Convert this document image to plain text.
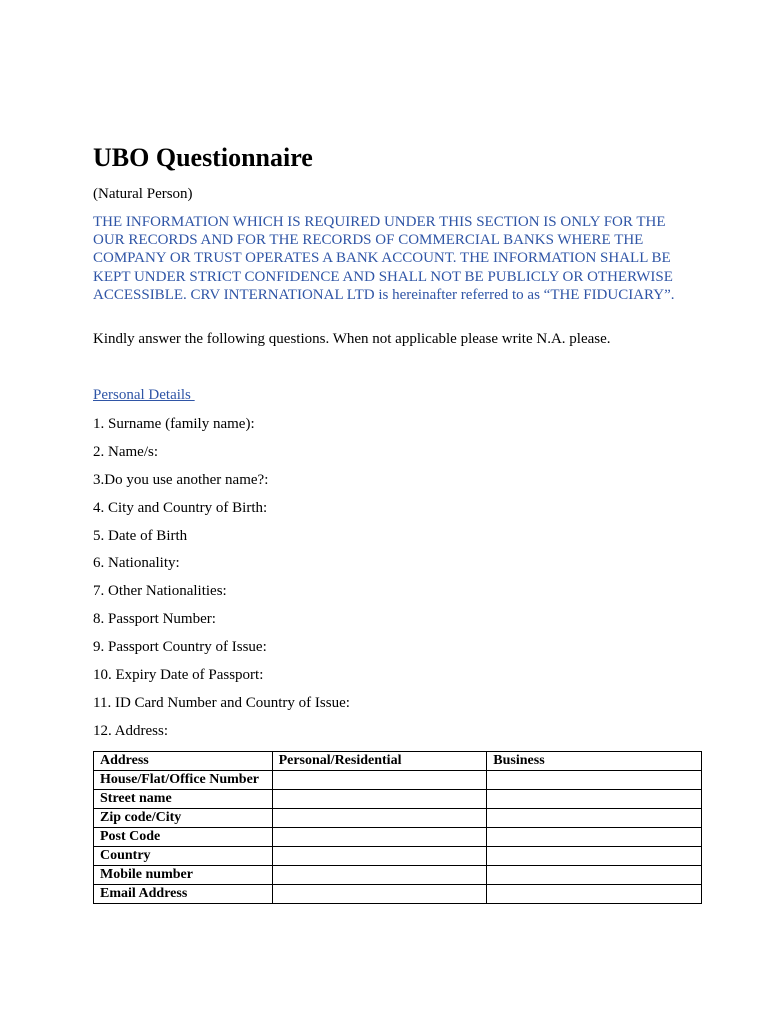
UBO Questionnaire
(Natural Person)
THE INFORMATION WHICH IS REQUIRED UNDER THIS SECTION IS ONLY FOR THE OUR RECORDS AND FOR THE RECORDS OF COMMERCIAL BANKS WHERE THE COMPANY OR TRUST OPERATES A BANK ACCOUNT. THE INFORMATION SHALL BE KEPT UNDER STRICT CONFIDENCE AND SHALL NOT BE PUBLICLY OR OTHERWISE ACCESSIBLE. CRV INTERNATIONAL LTD is hereinafter referred to as “THE FIDUCIARY”.
Kindly answer the following questions. When not applicable please write N.A. please.
Personal Details
1. Surname (family name):
2. Name/s:
3.Do you use another name?:
4. City and Country of Birth:
5. Date of Birth
6. Nationality:
7. Other Nationalities:
8. Passport Number:
9. Passport Country of Issue:
10. Expiry Date of Passport:
11. ID Card Number and Country of Issue:
12. Address:
Address	Personal/Residential	Business
House/Flat/Office Number		
Street name		
Zip code/City		
Post Code		
Country		
Mobile number		
Email Address		
